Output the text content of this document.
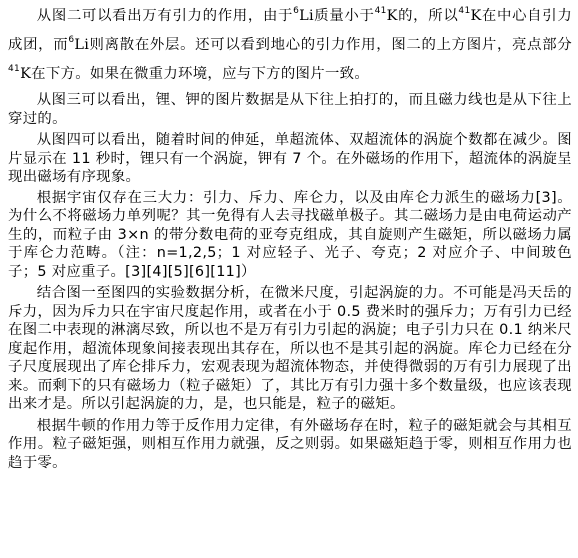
从图二可以看出万有引力的作用，由于$^6$Li质量小于$^{41}$K的，所以$^{41}$K在中心自引力成团，而$^6$Li则离散在外层。还可以看到地心的引力作用，图二的上方图片，亮点部分$^{41}$K在下方。如果在微重力环境，应与下方的图片一致。

从图三可以看出，锂、钾的图片数据是从下往上拍打的，而且磁力线也是从下往上穿过的。

从图四可以看出，随着时间的伸延，单超流体、双超流体的涡旋个数都在减少。图片显示在 11 秒时，锂只有一个涡旋，钾有 7 个。在外磁场的作用下，超流体的涡旋呈现出磁场有序现象。

根据宇宙仅存在三大力：引力、斥力、库仑力，以及由库仑力派生的磁场力[3]。为什么不将磁场力单列呢？其一免得有人去寻找磁单极子。其二磁场力是由电荷运动产生的，而粒子由 3×n 的带分数电荷的亚夸克组成，其自旋则产生磁矩，所以磁场力属于库仑力范畴。（注：n=1,2,5；1 对应轻子、光子、夸克；2 对应介子、中间玻色子；5 对应重子。[3][4][5][6][11]）

结合图一至图四的实验数据分析，在微米尺度，引起涡旋的力。不可能是冯天岳的斥力，因为斥力只在宇宙尺度起作用，或者在小于 0.5 费米时的强斥力；万有引力已经在图二中表现的淋漓尽致，所以也不是万有引力引起的涡旋；电子引力只在 0.1 纳米尺度起作用，超流体现象间接表现出其存在，所以也不是其引起的涡旋。库仑力已经在分子尺度展现出了库仑排斥力，宏观表现为超流体物态，并使得微弱的万有引力展现了出来。而剩下的只有磁场力（粒子磁矩）了，其比万有引力强十多个数量级，也应该表现出来才是。所以引起涡旋的力，是，也只能是，粒子的磁矩。

根据牛顿的作用力等于反作用力定律，有外磁场存在时，粒子的磁矩就会与其相互作用。粒子磁矩强，则相互作用力就强，反之则弱。如果磁矩趋于零，则相互作用力也趋于零。
